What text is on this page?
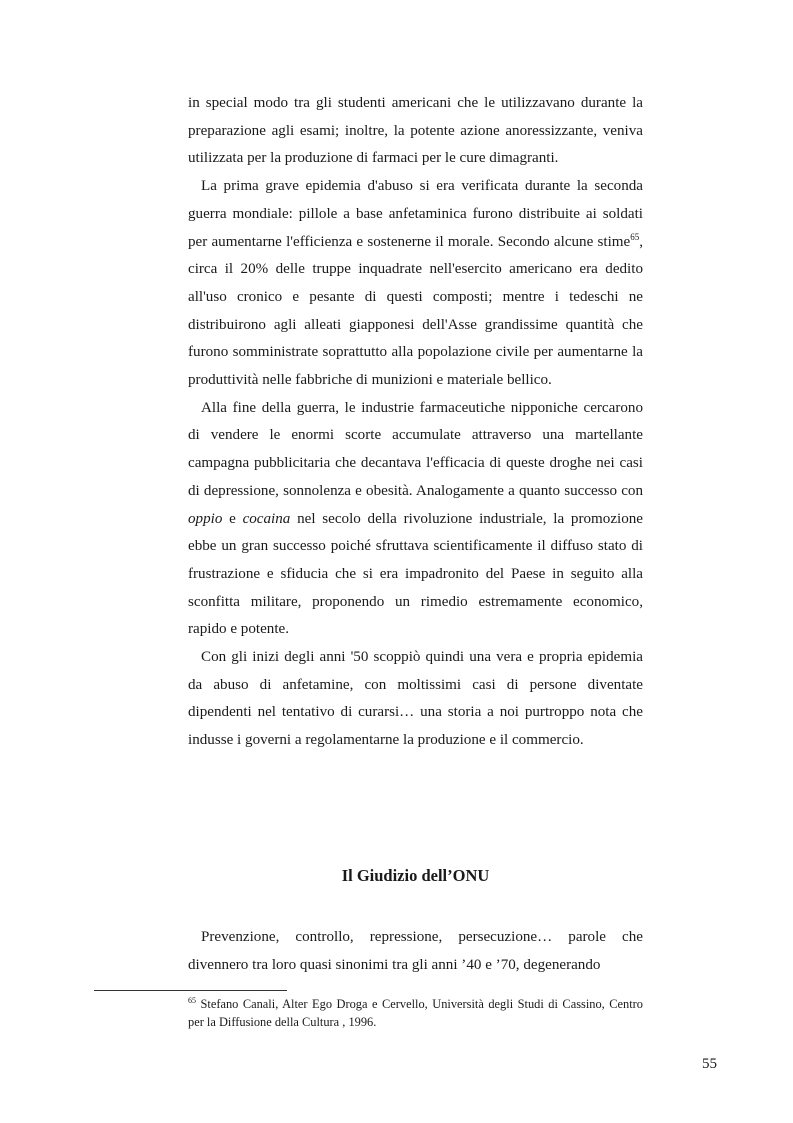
in special modo tra gli studenti americani che le utilizzavano durante la preparazione agli esami; inoltre, la potente azione anoressizzante, veniva utilizzata per la produzione di farmaci per le cure dimagranti.

La prima grave epidemia d'abuso si era verificata durante la seconda guerra mondiale: pillole a base anfetaminica furono distribuite ai soldati per aumentarne l'efficienza e sostenerne il morale. Secondo alcune stime$^{65}$, circa il 20% delle truppe inquadrate nell'esercito americano era dedito all'uso cronico e pesante di questi composti; mentre i tedeschi ne distribuirono agli alleati giapponesi dell'Asse grandissime quantità che furono somministrate soprattutto alla popolazione civile per aumentarne la produttività nelle fabbriche di munizioni e materiale bellico.

Alla fine della guerra, le industrie farmaceutiche nipponiche cercarono di vendere le enormi scorte accumulate attraverso una martellante campagna pubblicitaria che decantava l'efficacia di queste droghe nei casi di depressione, sonnolenza e obesità. Analogamente a quanto successo con oppio e cocaina nel secolo della rivoluzione industriale, la promozione ebbe un gran successo poiché sfruttava scientificamente il diffuso stato di frustrazione e sfiducia che si era impadronito del Paese in seguito alla sconfitta militare, proponendo un rimedio estremamente economico, rapido e potente.

Con gli inizi degli anni '50 scoppiò quindi una vera e propria epidemia da abuso di anfetamine, con moltissimi casi di persone diventate dipendenti nel tentativo di curarsi… una storia a noi purtroppo nota che indusse i governi a regolamentarne la produzione e il commercio.

Il Giudizio dell’ONU

Prevenzione, controllo, repressione, persecuzione… parole che divennero tra loro quasi sinonimi tra gli anni ’40 e ’70, degenerando

$^{65}$ Stefano Canali, Alter Ego Droga e Cervello, Università degli Studi di Cassino, Centro per la Diffusione della Cultura , 1996.

55
